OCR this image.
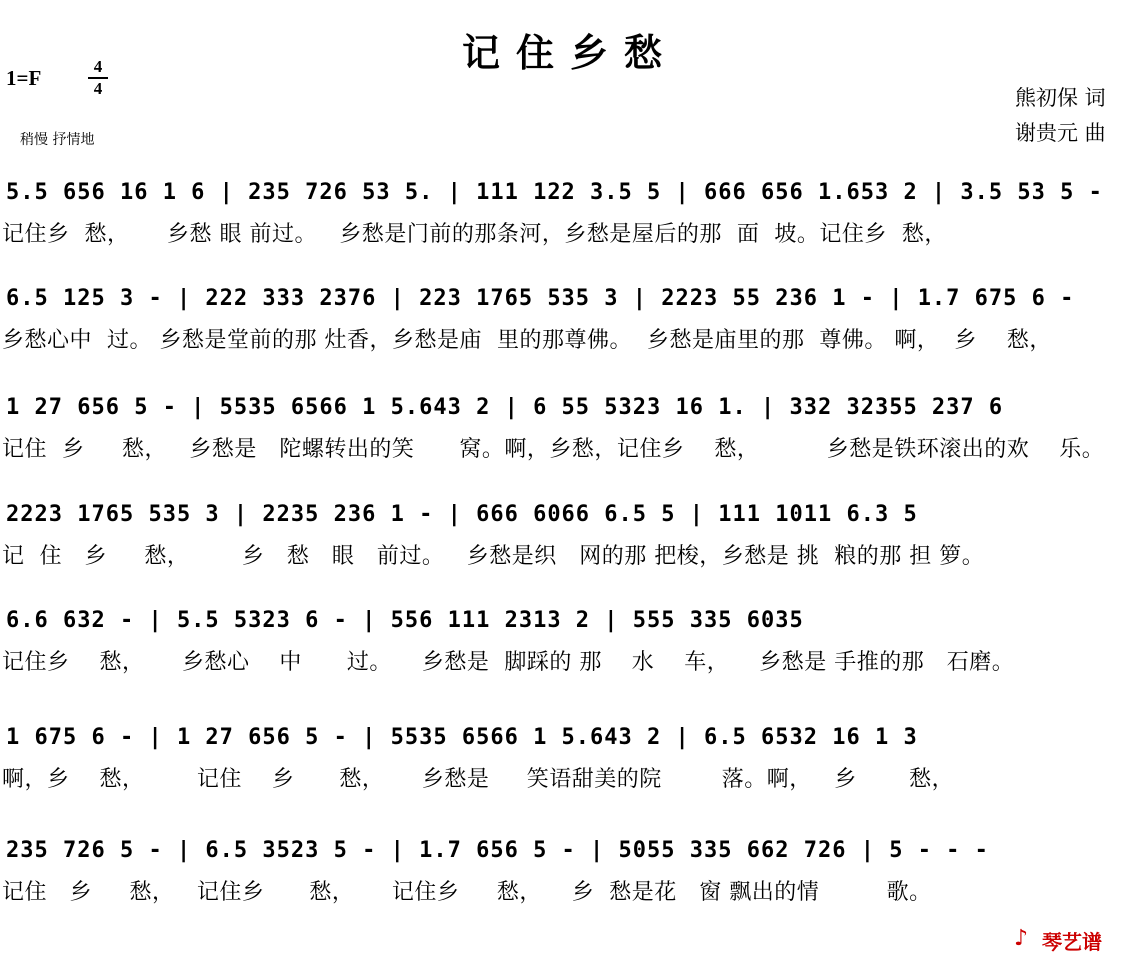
记住乡愁
1=F	4
4	熊初保 词
谢贵元 曲
稍慢 抒情地
5.5 656 16 1 6 | 235 726 53 5. | 111 122 3.5 5 | 666 656 1.653 2 | 3.5 53 5 -
记住乡  愁，     乡愁 眼 前过。   乡愁是门前的那条河，乡愁是屋后的那  面  坡。记住乡  愁，
6.5 125 3 - | 222 333 2376 | 223 1765 535 3 | 2223 55 236 1 - | 1.7 675 6 -
乡愁心中  过。 乡愁是堂前的那 灶香，乡愁是庙  里的那尊佛。  乡愁是庙里的那  尊佛。 啊，  乡    愁，
1 27 656 5 - | 5535 6566 1 5.643 2 | 6 55 5323 16 1. | 332 32355 237 6
记住  乡     愁，   乡愁是   陀螺转出的笑      窝。啊，乡愁，记住乡    愁，         乡愁是铁环滚出的欢    乐。
2223 1765 535 3 | 2235 236 1 - | 666 6066 6.5 5 | 111 1011 6.3 5
记  住   乡     愁，       乡   愁   眼   前过。   乡愁是织   网的那 把梭，乡愁是 挑  粮的那 担 箩。
6.6 632 - | 5.5 5323 6 - | 556 111 2313 2 | 555 335 6035
记住乡    愁，     乡愁心    中      过。    乡愁是  脚踩的 那    水    车，    乡愁是 手推的那   石磨。
1 675 6 - | 1 27 656 5 - | 5535 6566 1 5.643 2 | 6.5 6532 16 1 3
啊，乡    愁，       记住    乡      愁，     乡愁是     笑语甜美的院        落。啊，   乡       愁，
235 726 5 - | 6.5 3523 5 - | 1.7 656 5 - | 5055 335 662 726 | 5 - - -
记住   乡     愁，   记住乡      愁，     记住乡     愁，    乡  愁是花   窗 飘出的情         歌。
♪ 琴艺谱
